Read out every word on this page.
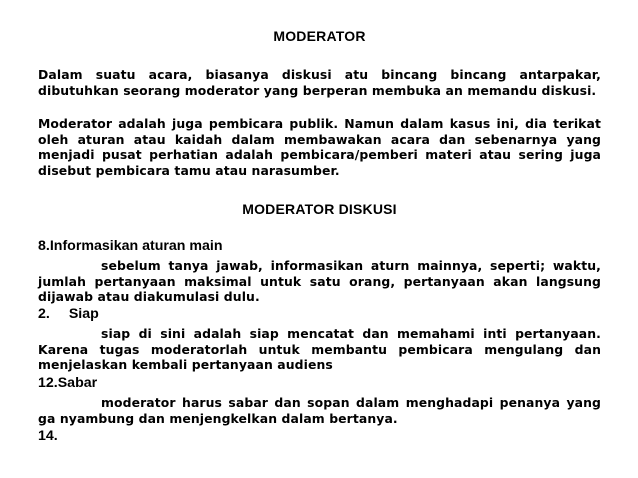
MODERATOR
Dalam suatu acara, biasanya diskusi atu bincang bincang antarpakar, dibutuhkan seorang moderator yang berperan membuka an memandu diskusi.
Moderator adalah juga pembicara publik. Namun dalam kasus ini, dia terikat oleh aturan atau kaidah dalam membawakan acara dan sebenarnya yang menjadi pusat perhatian adalah pembicara/pemberi materi atau sering juga disebut pembicara tamu atau narasumber.
MODERATOR DISKUSI
8.Informasikan aturan main
sebelum tanya jawab, informasikan aturn mainnya, seperti; waktu, jumlah pertanyaan maksimal untuk satu orang, pertanyaan akan langsung dijawab atau diakumulasi dulu.
2. Siap
siap di sini adalah siap mencatat dan memahami inti pertanyaan. Karena tugas moderatorlah untuk membantu pembicara mengulang dan menjelaskan kembali pertanyaan audiens
12.Sabar
moderator harus sabar dan sopan dalam menghadapi penanya yang ga nyambung dan menjengkelkan dalam bertanya.
14.
